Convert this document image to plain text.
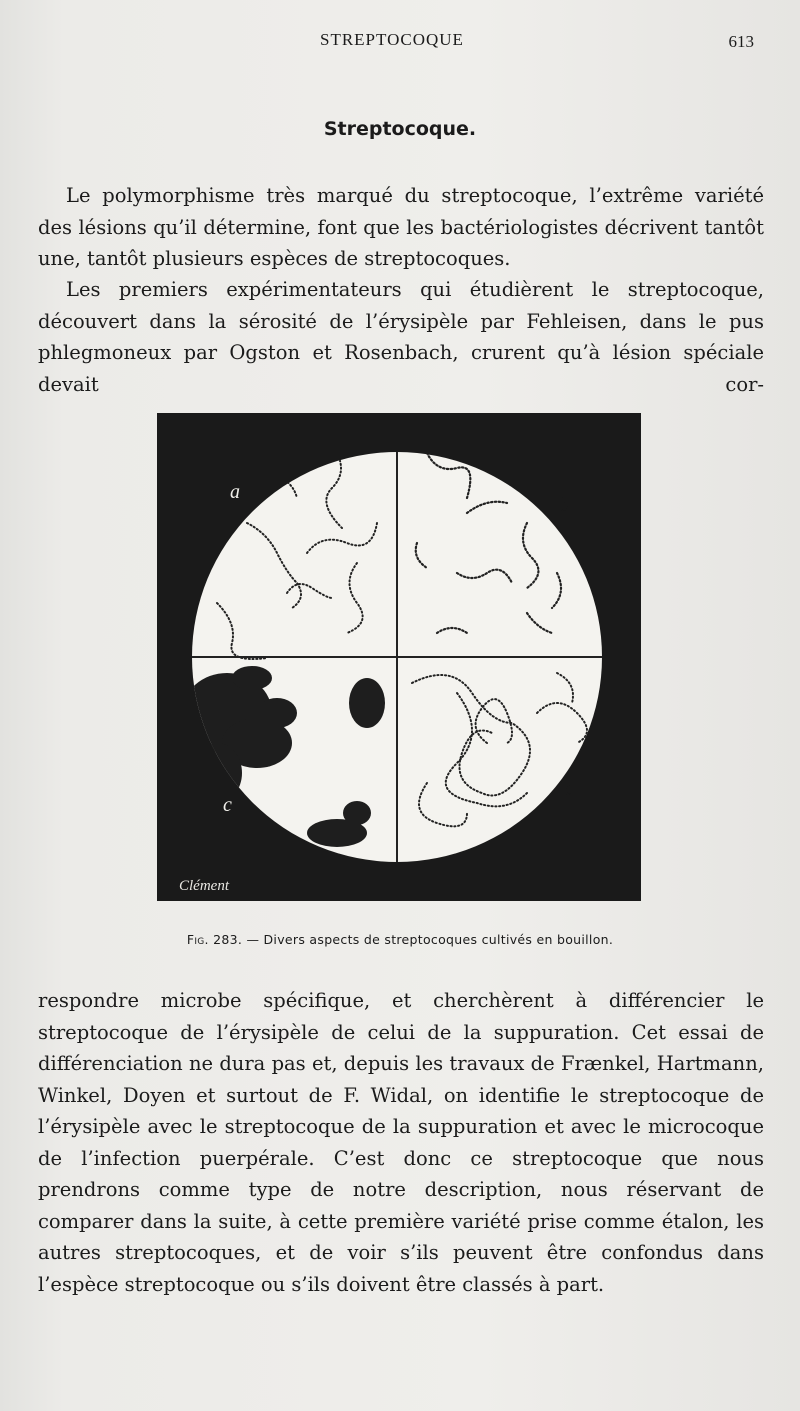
STREPTOCOQUE	613
Streptocoque.

Le polymorphisme très marqué du streptocoque, l’extrême variété des lésions qu’il détermine, font que les bactériologistes décrivent tantôt une, tantôt plusieurs espèces de streptocoques.

Les premiers expérimentateurs qui étudièrent le streptocoque, découvert dans la sérosité de l’érysipèle par Fehleisen, dans le pus phlegmoneux par Ogston et Rosenbach, crurent qu’à lésion spéciale devait cor-

a
b
c
d
Clément
Fig. 283. — Divers aspects de streptocoques cultivés en bouillon.

respondre microbe spécifique, et cherchèrent à différencier le streptocoque de l’érysipèle de celui de la suppuration. Cet essai de différenciation ne dura pas et, depuis les travaux de Frænkel, Hartmann, Winkel, Doyen et surtout de F. Widal, on identifie le streptocoque de l’érysipèle avec le streptocoque de la suppuration et avec le microcoque de l’infection puerpérale. C’est donc ce streptocoque que nous prendrons comme type de notre description, nous réservant de comparer dans la suite, à cette première variété prise comme étalon, les autres streptocoques, et de voir s’ils peuvent être confondus dans l’espèce streptocoque ou s’ils doivent être classés à part.
